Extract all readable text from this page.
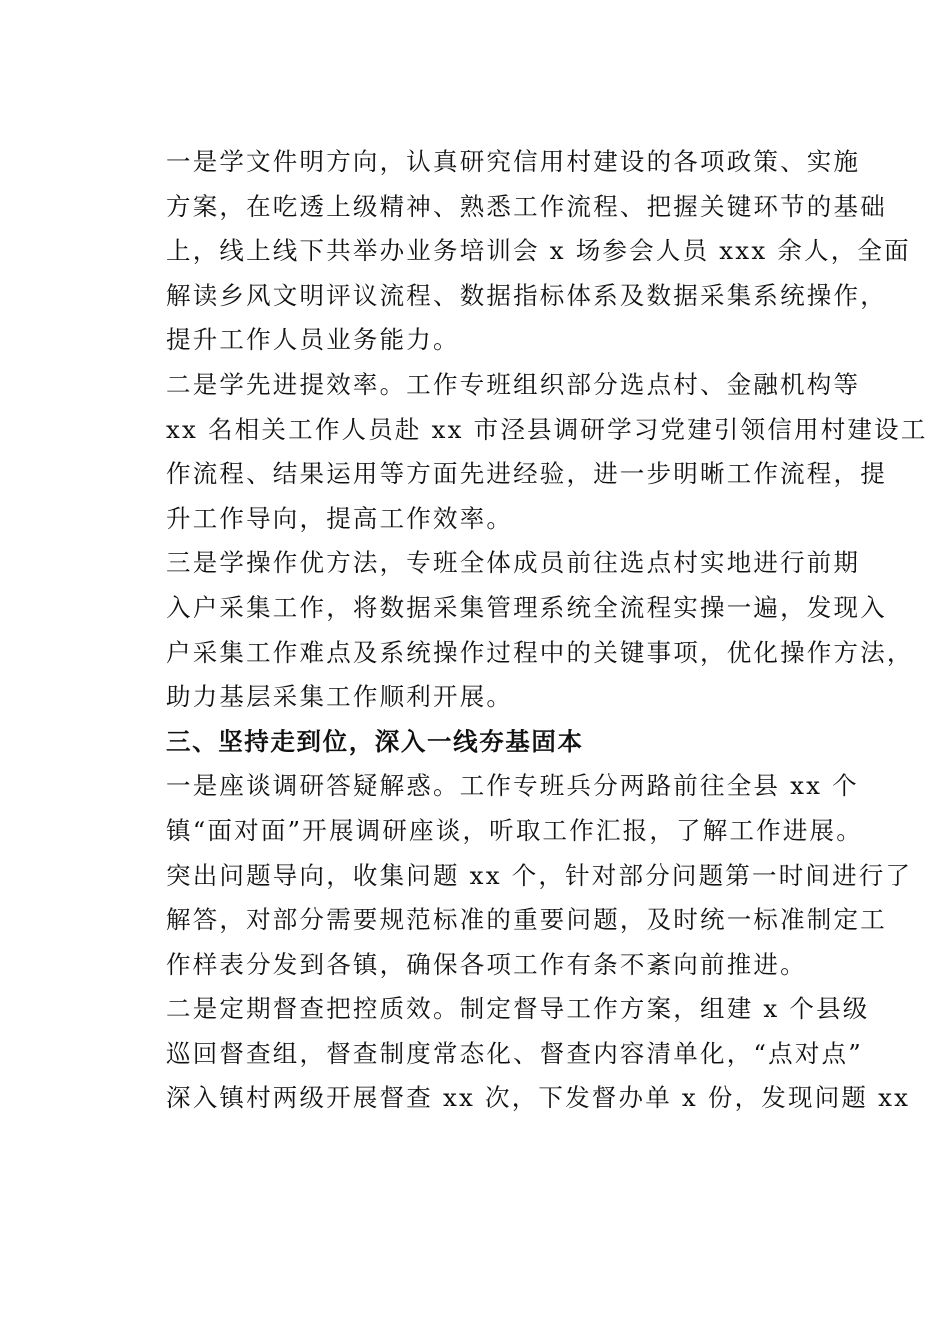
一是学文件明方向，认真研究信用村建设的各项政策、实施
方案，在吃透上级精神、熟悉工作流程、把握关键环节的基础
上，线上线下共举办业务培训会 x 场参会人员 xxx 余人，全面
解读乡风文明评议流程、数据指标体系及数据采集系统操作，
提升工作人员业务能力。
二是学先进提效率。工作专班组织部分选点村、金融机构等
xx 名相关工作人员赴 xx 市泾县调研学习党建引领信用村建设工
作流程、结果运用等方面先进经验，进一步明晰工作流程，提
升工作导向，提高工作效率。
三是学操作优方法，专班全体成员前往选点村实地进行前期
入户采集工作，将数据采集管理系统全流程实操一遍，发现入
户采集工作难点及系统操作过程中的关键事项，优化操作方法，
助力基层采集工作顺利开展。
三、坚持走到位，深入一线夯基固本
一是座谈调研答疑解惑。工作专班兵分两路前往全县 xx 个
镇“面对面”开展调研座谈，听取工作汇报，了解工作进展。
突出问题导向，收集问题 xx 个，针对部分问题第一时间进行了
解答，对部分需要规范标准的重要问题，及时统一标准制定工
作样表分发到各镇，确保各项工作有条不紊向前推进。
二是定期督查把控质效。制定督导工作方案，组建 x 个县级
巡回督查组，督查制度常态化、督查内容清单化，“点对点”
深入镇村两级开展督查 xx 次，下发督办单 x 份，发现问题 xx
